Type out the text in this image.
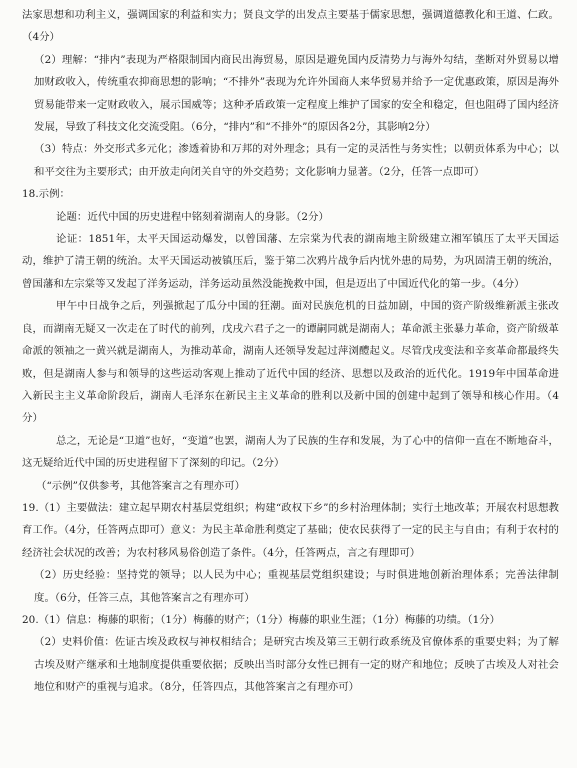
法家思想和功利主义，强调国家的利益和实力；贤良文学的出发点主要基于儒家思想，强调道德教化和王道、仁政。（4分）

（2）理解：“排内”表现为严格限制国内商民出海贸易，原因是避免国内反清势力与海外勾结，垄断对外贸易以增加财政收入，传统重农抑商思想的影响；“不排外”表现为允许外国商人来华贸易并给予一定优惠政策，原因是海外贸易能带来一定财政收入，展示国威等；这种矛盾政策一定程度上维护了国家的安全和稳定，但也阻碍了国内经济发展，导致了科技文化交流受阻。（6分，“排内”和“不排外”的原因各2分，其影响2分）

（3）特点：外交形式多元化；渗透着协和万邦的对外理念；具有一定的灵活性与务实性；以朝贡体系为中心；以和平交往为主要形式；由开放走向闭关自守的外交趋势；文化影响力显著。（2分，任答一点即可）

18.示例：

论题：近代中国的历史进程中铭刻着湖南人的身影。（2分）

论证：1851年，太平天国运动爆发，以曾国藩、左宗棠为代表的湖南地主阶级建立湘军镇压了太平天国运动，维护了清王朝的统治。太平天国运动被镇压后，鉴于第二次鸦片战争后内忧外患的局势，为巩固清王朝的统治，曾国藩和左宗棠等又发起了洋务运动，洋务运动虽然没能挽救中国，但是迈出了中国近代化的第一步。（4分）

甲午中日战争之后，列强掀起了瓜分中国的狂潮。面对民族危机的日益加剧，中国的资产阶级维新派主张改良，而湖南无疑又一次走在了时代的前列，戊戌六君子之一的谭嗣同就是湖南人；革命派主张暴力革命，资产阶级革命派的领袖之一黄兴就是湖南人，为推动革命，湖南人还领导发起过萍浏醴起义。尽管戊戌变法和辛亥革命都最终失败，但是湖南人参与和领导的这些运动客观上推动了近代中国的经济、思想以及政治的近代化。1919年中国革命进入新民主主义革命阶段后，湖南人毛泽东在新民主主义革命的胜利以及新中国的创建中起到了领导和核心作用。（4分）

总之，无论是“卫道”也好，“变道”也罢，湖南人为了民族的生存和发展，为了心中的信仰一直在不断地奋斗，这无疑给近代中国的历史进程留下了深刻的印记。（2分）

（“示例”仅供参考，其他答案言之有理亦可）

19.（1）主要做法：建立起早期农村基层党组织；构建“政权下乡”的乡村治理体制；实行土地改革；开展农村思想教育工作。（4分，任答两点即可）意义：为民主革命胜利奠定了基础；使农民获得了一定的民主与自由；有利于农村的经济社会状况的改善；为农村移风易俗创造了条件。（4分，任答两点，言之有理即可）

（2）历史经验：坚持党的领导；以人民为中心；重视基层党组织建设；与时俱进地创新治理体系；完善法律制度。（6分，任答三点，其他答案言之有理亦可）

20.（1）信息：梅藤的职衔；（1分）梅藤的财产；（1分）梅藤的职业生涯；（1分）梅藤的功绩。（1分）

（2）史料价值：佐证古埃及政权与神权相结合；是研究古埃及第三王朝行政系统及官僚体系的重要史料；为了解古埃及财产继承和土地制度提供重要依据；反映出当时部分女性已拥有一定的财产和地位；反映了古埃及人对社会地位和财产的重视与追求。（8分，任答四点，其他答案言之有理亦可）
